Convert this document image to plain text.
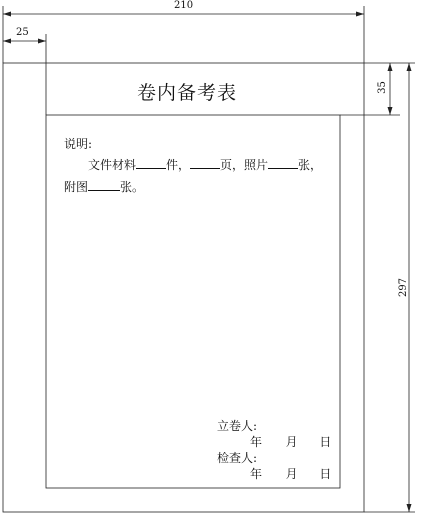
210
25
35
297
卷内备考表
说明:
文件材料	件，	页，照片	张，
附图	张。
立卷人:
年 月 日
检查人:
年 月 日
